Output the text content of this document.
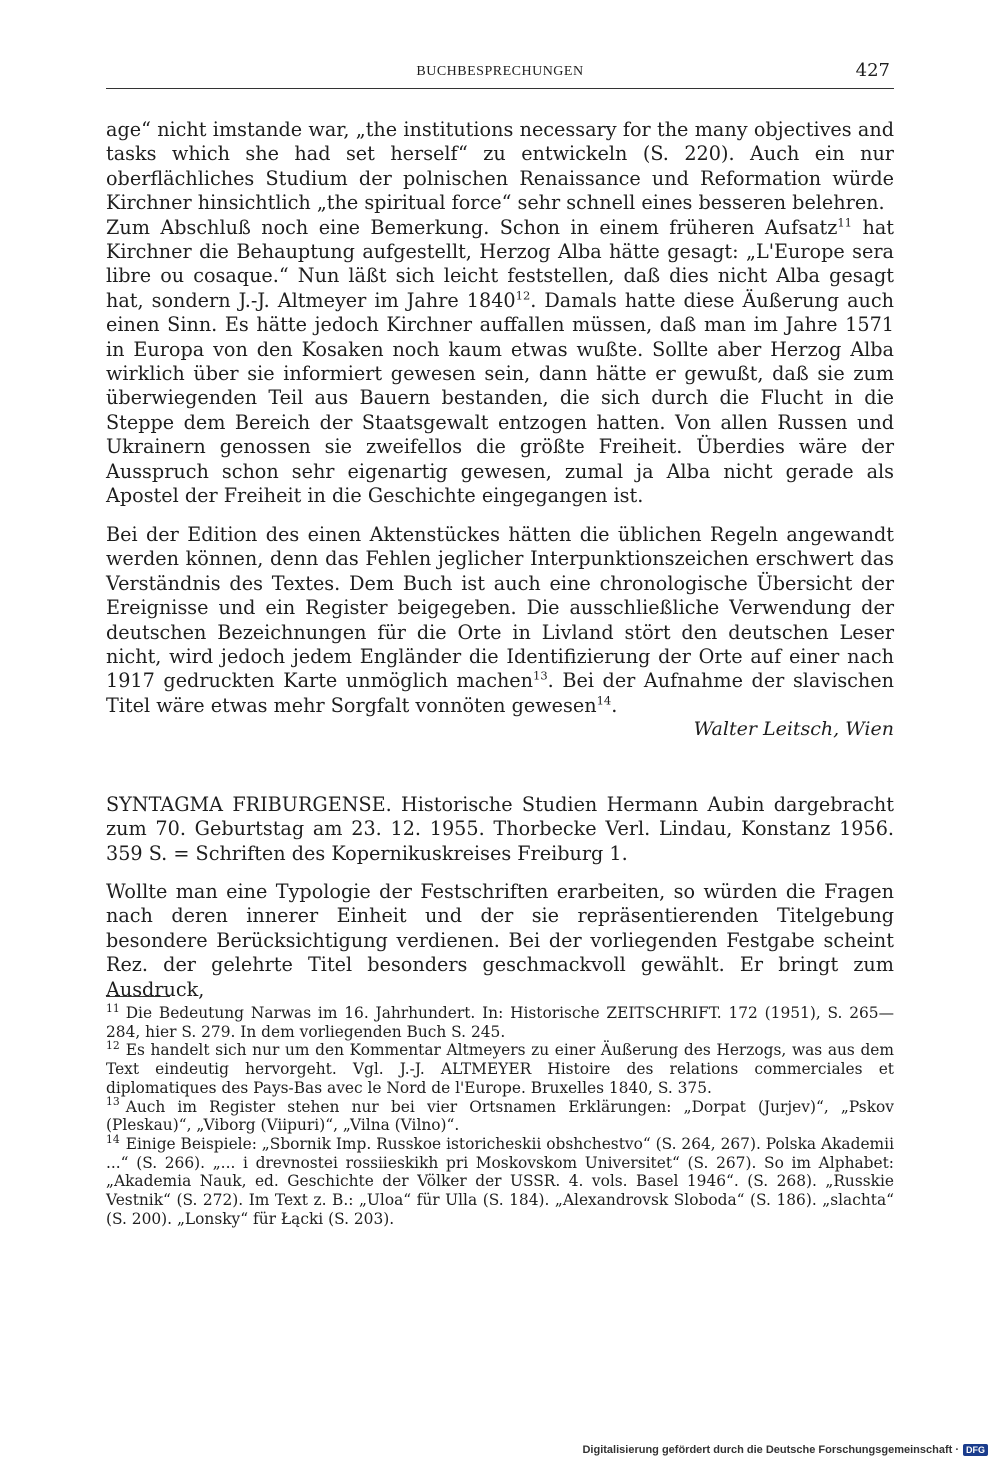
BUCHBESPRECHUNGEN	427

age“ nicht imstande war, „the institutions necessary for the many objectives and tasks which she had set herself“ zu entwickeln (S. 220). Auch ein nur oberflächliches Studium der polnischen Renaissance und Reformation würde Kirchner hinsichtlich „the spiritual force“ sehr schnell eines besseren belehren.

Zum Abschluß noch eine Bemerkung. Schon in einem früheren Aufsatz$^{11}$ hat Kirchner die Behauptung aufgestellt, Herzog Alba hätte gesagt: „L'Europe sera libre ou cosaque.“ Nun läßt sich leicht feststellen, daß dies nicht Alba gesagt hat, sondern J.-J. Altmeyer im Jahre 1840$^{12}$. Damals hatte diese Äußerung auch einen Sinn. Es hätte jedoch Kirchner auffallen müssen, daß man im Jahre 1571 in Europa von den Kosaken noch kaum etwas wußte. Sollte aber Herzog Alba wirklich über sie informiert gewesen sein, dann hätte er gewußt, daß sie zum überwiegenden Teil aus Bauern bestanden, die sich durch die Flucht in die Steppe dem Bereich der Staatsgewalt entzogen hatten. Von allen Russen und Ukrainern genossen sie zweifellos die größte Freiheit. Überdies wäre der Ausspruch schon sehr eigenartig gewesen, zumal ja Alba nicht gerade als Apostel der Freiheit in die Geschichte eingegangen ist.

Bei der Edition des einen Aktenstückes hätten die üblichen Regeln angewandt werden können, denn das Fehlen jeglicher Interpunktionszeichen erschwert das Verständnis des Textes. Dem Buch ist auch eine chronologische Übersicht der Ereignisse und ein Register beigegeben. Die ausschließliche Verwendung der deutschen Bezeichnungen für die Orte in Livland stört den deutschen Leser nicht, wird jedoch jedem Engländer die Identifizierung der Orte auf einer nach 1917 gedruckten Karte unmöglich machen$^{13}$. Bei der Aufnahme der slavischen Titel wäre etwas mehr Sorgfalt vonnöten gewesen$^{14}$.

Walter Leitsch, Wien
SYNTAGMA FRIBURGENSE. Historische Studien Hermann Aubin dargebracht zum 70. Geburtstag am 23. 12. 1955. Thorbecke Verl. Lindau, Konstanz 1956. 359 S. = Schriften des Kopernikuskreises Freiburg 1.
Wollte man eine Typologie der Festschriften erarbeiten, so würden die Fragen nach deren innerer Einheit und der sie repräsentierenden Titelgebung besondere Berücksichtigung verdienen. Bei der vorliegenden Festgabe scheint Rez. der gelehrte Titel besonders geschmackvoll gewählt. Er bringt zum Ausdruck,

$^{11}$ Die Bedeutung Narwas im 16. Jahrhundert. In: Historische ZEITSCHRIFT. 172 (1951), S. 265—284, hier S. 279. In dem vorliegenden Buch S. 245.

$^{12}$ Es handelt sich nur um den Kommentar Altmeyers zu einer Äußerung des Herzogs, was aus dem Text eindeutig hervorgeht. Vgl. J.-J. ALTMEYER Histoire des relations commerciales et diplomatiques des Pays-Bas avec le Nord de l'Europe. Bruxelles 1840, S. 375.

$^{13}$ Auch im Register stehen nur bei vier Ortsnamen Erklärungen: „Dorpat (Jurjev)“, „Pskov (Pleskau)“, „Viborg (Viipuri)“, „Vilna (Vilno)“.

$^{14}$ Einige Beispiele: „Sbornik Imp. Russkoe istoricheskii obshchestvo“ (S. 264, 267). Polska Akademii ...“ (S. 266). „... i drevnostei rossiieskikh pri Moskovskom Universitet“ (S. 267). So im Alphabet: „Akademia Nauk, ed. Geschichte der Völker der USSR. 4. vols. Basel 1946“. (S. 268). „Russkie Vestnik“ (S. 272). Im Text z. B.: „Uloa“ für Ulla (S. 184). „Alexandrovsk Sloboda“ (S. 186). „slachta“ (S. 200). „Lonsky“ für Łącki (S. 203).

Digitalisierung gefördert durch die Deutsche Forschungsgemeinschaft · DFG
